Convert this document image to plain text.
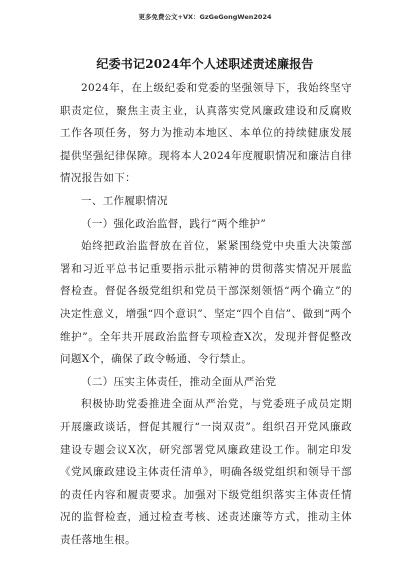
更多免费公文+VX：GzGeGongWen2024
纪委书记2024年个人述职述责述廉报告

2024年，在上级纪委和党委的坚强领导下，我始终坚守职责定位，聚焦主责主业，认真落实党风廉政建设和反腐败工作各项任务，努力为推动本地区、本单位的持续健康发展提供坚强纪律保障。现将本人2024年度履职情况和廉洁自律情况报告如下：

一、工作履职情况

（一）强化政治监督，践行“两个维护”

始终把政治监督放在首位，紧紧围绕党中央重大决策部署和习近平总书记重要指示批示精神的贯彻落实情况开展监督检查。督促各级党组织和党员干部深刻领悟“两个确立”的决定性意义，增强“四个意识”、坚定“四个自信”、做到“两个维护”。全年共开展政治监督专项检查X次，发现并督促整改问题X个，确保了政令畅通、令行禁止。

（二）压实主体责任，推动全面从严治党

积极协助党委推进全面从严治党，与党委班子成员定期开展廉政谈话，督促其履行“一岗双责”。组织召开党风廉政建设专题会议X次，研究部署党风廉政建设工作。制定印发《党风廉政建设主体责任清单》，明确各级党组织和领导干部的责任内容和履责要求。加强对下级党组织落实主体责任情况的监督检查，通过检查考核、述责述廉等方式，推动主体责任落地生根。
